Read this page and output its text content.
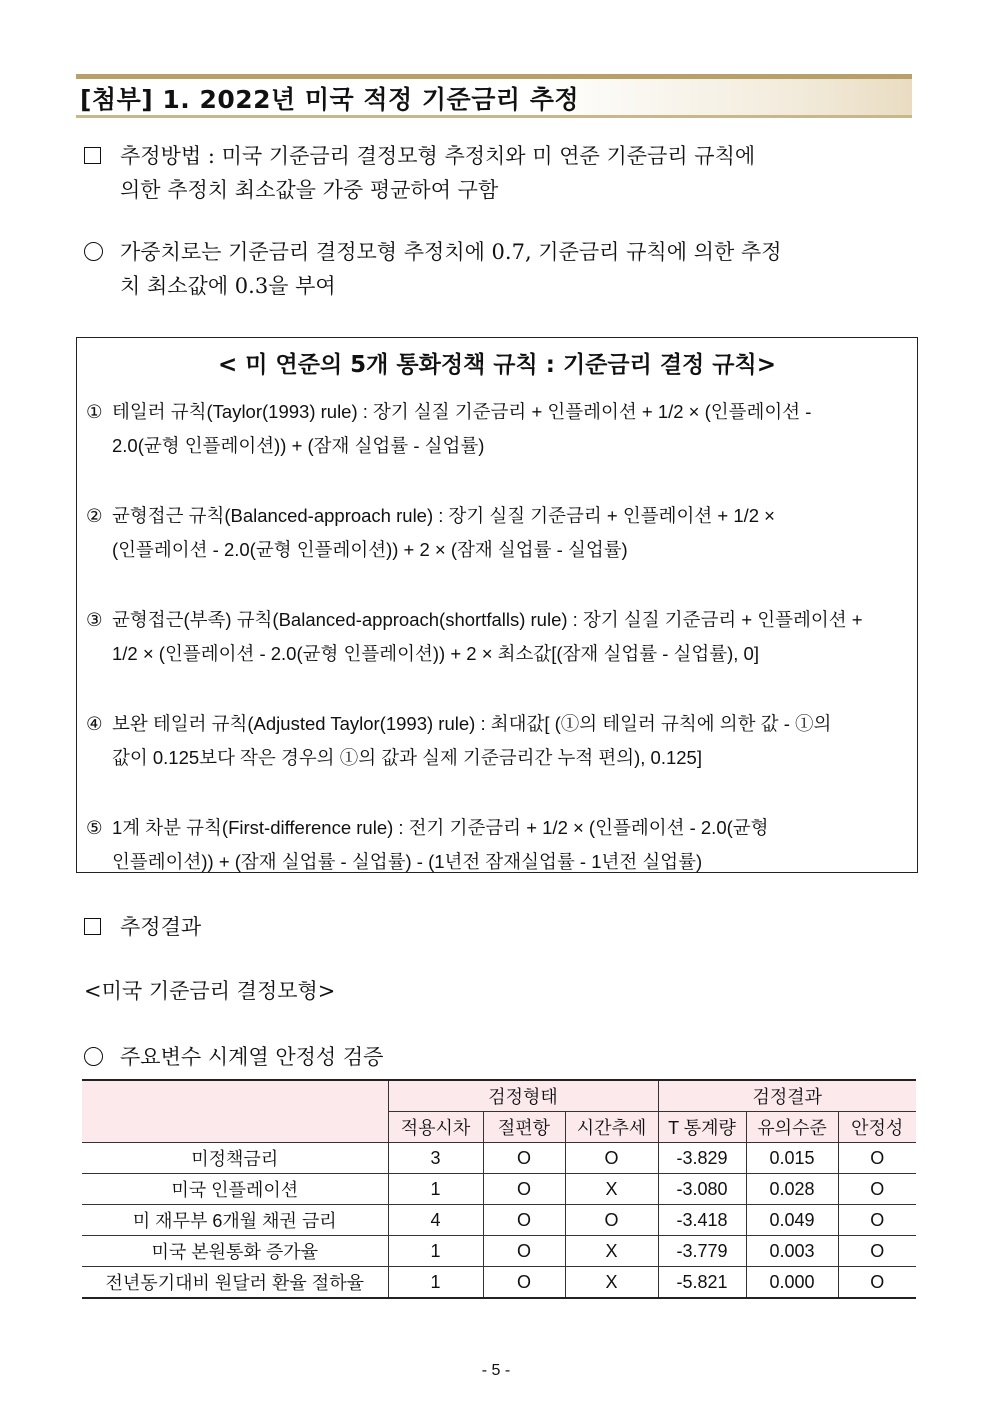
[첨부] 1. 2022년 미국 적정 기준금리 추정
추정방법 : 미국 기준금리 결정모형 추정치와 미 연준 기준금리 규칙에
의한 추정치 최소값을 가중 평균하여 구함
가중치로는 기준금리 결정모형 추정치에 0.7, 기준금리 규칙에 의한 추정
치 최소값에 0.3을 부여
< 미 연준의 5개 통화정책 규칙 : 기준금리 결정 규칙>
① 테일러 규칙(Taylor(1993) rule) : 장기 실질 기준금리 + 인플레이션 + 1/2 × (인플레이션 -
2.0(균형 인플레이션)) + (잠재 실업률 - 실업률)
② 균형접근 규칙(Balanced-approach rule) : 장기 실질 기준금리 + 인플레이션 + 1/2 ×
(인플레이션 - 2.0(균형 인플레이션)) + 2 × (잠재 실업률 - 실업률)
③ 균형접근(부족) 규칙(Balanced-approach(shortfalls) rule) : 장기 실질 기준금리 + 인플레이션 +
1/2 × (인플레이션 - 2.0(균형 인플레이션)) + 2 × 최소값[(잠재 실업률 - 실업률), 0]
④ 보완 테일러 규칙(Adjusted Taylor(1993) rule) : 최대값[ (①의 테일러 규칙에 의한 값 - ①의
값이 0.125보다 작은 경우의 ①의 값과 실제 기준금리간 누적 편의), 0.125]
⑤ 1계 차분 규칙(First-difference rule) : 전기 기준금리 + 1/2 × (인플레이션 - 2.0(균형
인플레이션)) + (잠재 실업률 - 실업률) - (1년전 잠재실업률 - 1년전 실업률)
추정결과
<미국 기준금리 결정모형>
주요변수 시계열 안정성 검증
	검정형태			검정결과		
	적용시차	절편항	시간추세	T 통계량	유의수준	안정성
미정책금리	3	O	O	-3.829	0.015	O
미국 인플레이션	1	O	X	-3.080	0.028	O
미 재무부 6개월 채권 금리	4	O	O	-3.418	0.049	O
미국 본원통화 증가율	1	O	X	-3.779	0.003	O
전년동기대비 원달러 환율 절하율	1	O	X	-5.821	0.000	O
- 5 -
